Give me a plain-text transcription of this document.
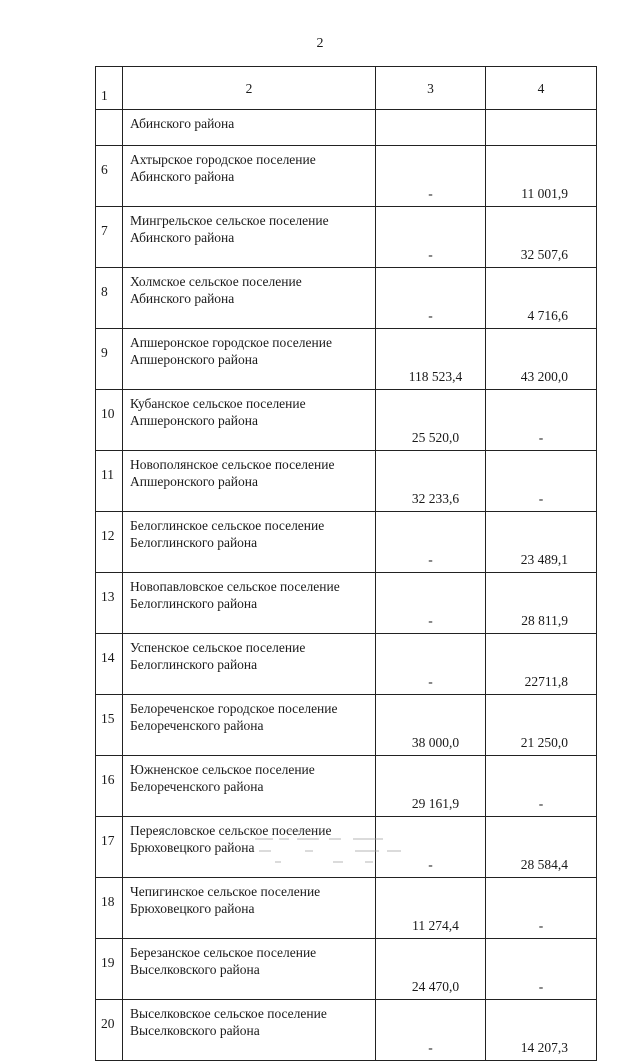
2
1	2	3	4

	Абинского района		

6	Ахтырское городское поселение
Абинского района	-	11 001,9
7	Мингрельское сельское поселение
Абинского района	-	32 507,6
8	Холмское сельское поселение
Абинского района	-	4 716,6
9	Апшеронское городское поселение
Апшеронского района	118 523,4	43 200,0
10	Кубанское сельское поселение
Апшеронского района	25 520,0	-
11	Новополянское сельское поселение
Апшеронского района	32 233,6	-
12	Белоглинское сельское поселение
Белоглинского района	-	23 489,1
13	Новопавловское сельское поселение
Белоглинского района	-	28 811,9
14	Успенское сельское поселение
Белоглинского района	-	22711,8
15	Белореченское городское поселение
Белореченского района	38 000,0	21 250,0
16	Южненское сельское поселение
Белореченского района	29 161,9	-
17	Переясловское сельское поселение
Брюховецкого района	-	28 584,4
18	Чепигинское сельское поселение
Брюховецкого района	11 274,4	-
19	Березанское сельское поселение
Выселковского района	24 470,0	-
20	Выселковское сельское поселение
Выселковского района	-	14 207,3
